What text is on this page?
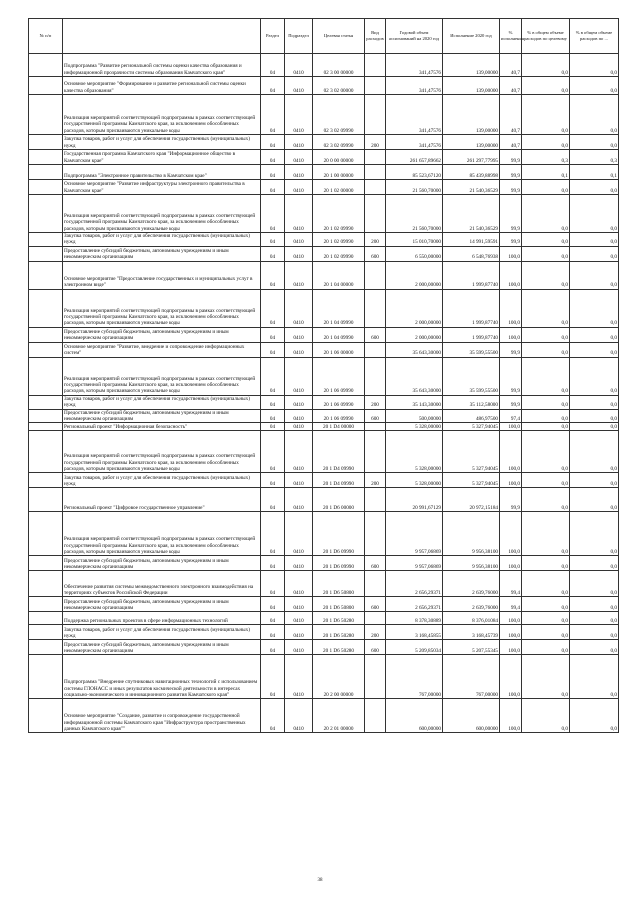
№ п/п		Раздел	Подраздел	Целевая статья	Вид расходов	Годовой объем ассигнований на 2020 год	Исполнение 2020 год	% исполнения	% в общем объеме расходов по целевому	% в общем объеме расходов по ...
	Подпрограмма "Развитие региональной системы оценки качества образования и информационной прозрачности системы образования Камчатского края"	04	0410	02 3 00 00000		341,47576	139,00000	40,7	0,0	0,0
	Основное мероприятие "Формирование и развитие региональной системы оценки качества образования"	04	0410	02 3 02 00000		341,47576	139,00000	40,7	0,0	0,0
	Реализация мероприятий соответствующей подпрограммы в рамках соответствующей государственной программы Камчатского края, за исключением обособленных расходов, которым присваиваются уникальные коды	04	0410	02 3 02 09990		341,47576	139,00000	40,7	0,0	0,0
	Закупка товаров, работ и услуг для обеспечения государственных (муниципальных) нужд	04	0410	02 3 02 09990	200	341,47576	139,00000	40,7	0,0	0,0
	Государственная программа Камчатского края "Информационное общество в Камчатском крае"	04	0410	20 0 00 00000		261 657,89662	261 297,77995	99,9	0,3	0,3
	Подпрограмма "Электронное правительство в Камчатском крае"	04	0410	20 1 00 00000		85 523,67120	85 439,88998	99,9	0,1	0,1
	Основное мероприятие "Развитие инфраструктуры электронного правительства в Камчатском крае"	04	0410	20 1 02 00000		21 560,70000	21 540,36529	99,9	0,0	0,0
	Реализация мероприятий соответствующей подпрограммы в рамках соответствующей государственной программы Камчатского края, за исключением обособленных расходов, которым присваиваются уникальные коды	04	0410	20 1 02 09990		21 560,70000	21 540,36529	99,9	0,0	0,0
	Закупка товаров, работ и услуг для обеспечения государственных (муниципальных) нужд	04	0410	20 1 02 09990	200	15 010,70000	14 991,59591	99,9	0,0	0,0
	Предоставление субсидий бюджетным, автономным учреждениям и иным некоммерческим организациям	04	0410	20 1 02 09990	600	6 550,00000	6 548,76938	100,0	0,0	0,0
	Основное мероприятие "Предоставление государственных и муниципальных услуг в электронном виде"	04	0410	20 1 04 00000		2 000,00000	1 999,87740	100,0	0,0	0,0
	Реализация мероприятий соответствующей подпрограммы в рамках соответствующей государственной программы Камчатского края, за исключением обособленных расходов, которым присваиваются уникальные коды	04	0410	20 1 04 09990		2 000,00000	1 999,87740	100,0	0,0	0,0
	Предоставление субсидий бюджетным, автономным учреждениям и иным некоммерческим организациям	04	0410	20 1 04 09990	600	2 000,00000	1 999,87740	100,0	0,0	0,0
	Основное мероприятие "Развитие, внедрение и сопровождение информационных систем"	04	0410	20 1 06 00000		35 643,30000	35 599,55500	99,9	0,0	0,0
	Реализация мероприятий соответствующей подпрограммы в рамках соответствующей государственной программы Камчатского края, за исключением обособленных расходов, которым присваиваются уникальные коды	04	0410	20 1 06 09990		35 643,30000	35 599,55500	99,9	0,0	0,0
	Закупка товаров, работ и услуг для обеспечения государственных (муниципальных) нужд	04	0410	20 1 06 09990	200	35 143,30000	35 112,58000	99,9	0,0	0,0
	Предоставление субсидий бюджетным, автономным учреждениям и иным некоммерческим организациям	04	0410	20 1 06 09990	600	500,00000	486,97500	97,4	0,0	0,0
	Региональный проект "Информационная безопасность"	04	0410	20 1 D4 00000		5 328,00000	5 327,94045	100,0	0,0	0,0
	Реализация мероприятий соответствующей подпрограммы в рамках соответствующей государственной программы Камчатского края, за исключением обособленных расходов, которым присваиваются уникальные коды	04	0410	20 1 D4 09990		5 328,00000	5 327,94045	100,0	0,0	0,0
	Закупка товаров, работ и услуг для обеспечения государственных (муниципальных) нужд	04	0410	20 1 D4 09990	200	5 328,00000	5 327,94045	100,0	0,0	0,0
	Региональный проект "Цифровое государственное управление"	04	0410	20 1 D6 00000		20 991,67129	20 972,15184	99,9	0,0	0,0
	Реализация мероприятий соответствующей подпрограммы в рамках соответствующей государственной программы Камчатского края, за исключением обособленных расходов, которым присваиваются уникальные коды	04	0410	20 1 D6 09990		9 957,06869	9 956,38100	100,0	0,0	0,0
	Предоставление субсидий бюджетным, автономным учреждениям и иным некоммерческим организациям	04	0410	20 1 D6 09990	600	9 957,06869	9 956,38100	100,0	0,0	0,0
	Обеспечение развития системы межведомственного электронного взаимодействия на территориях субъектов Российской Федерации	04	0410	20 1 D6 50800		2 656,29371	2 639,76000	99,4	0,0	0,0
	Предоставление субсидий бюджетным, автономным учреждениям и иным некоммерческим организациям	04	0410	20 1 D6 50800	600	2 656,29371	2 639,76000	99,4	0,0	0,0
	Поддержка региональных проектов в сфере информационных технологий	04	0410	20 1 D6 50280		8 378,30889	8 376,01084	100,0	0,0	0,0
	Закупка товаров, работ и услуг для обеспечения государственных (муниципальных) нужд	04	0410	20 1 D6 50280	200	3 168,45855	3 168,45739	100,0	0,0	0,0
	Предоставление субсидий бюджетным, автономным учреждениям и иным некоммерческим организациям	04	0410	20 1 D6 50280	600	5 209,85034	5 207,55345	100,0	0,0	0,0
	Подпрограмма "Внедрение спутниковых навигационных технологий с использованием системы ГЛОНАСС и иных результатов космической деятельности в интересах социально-экономического и инновационного развития Камчатского края"	04	0410	20 2 00 00000		767,00000	767,00000	100,0	0,0	0,0
	Основное мероприятие "Создание, развитие и сопровождение государственной информационной системы Камчатского края "Инфраструктура пространственных данных Камчатского края""	04	0410	20 2 01 00000		600,00000	600,00000	100,0	0,0	0,0
38
